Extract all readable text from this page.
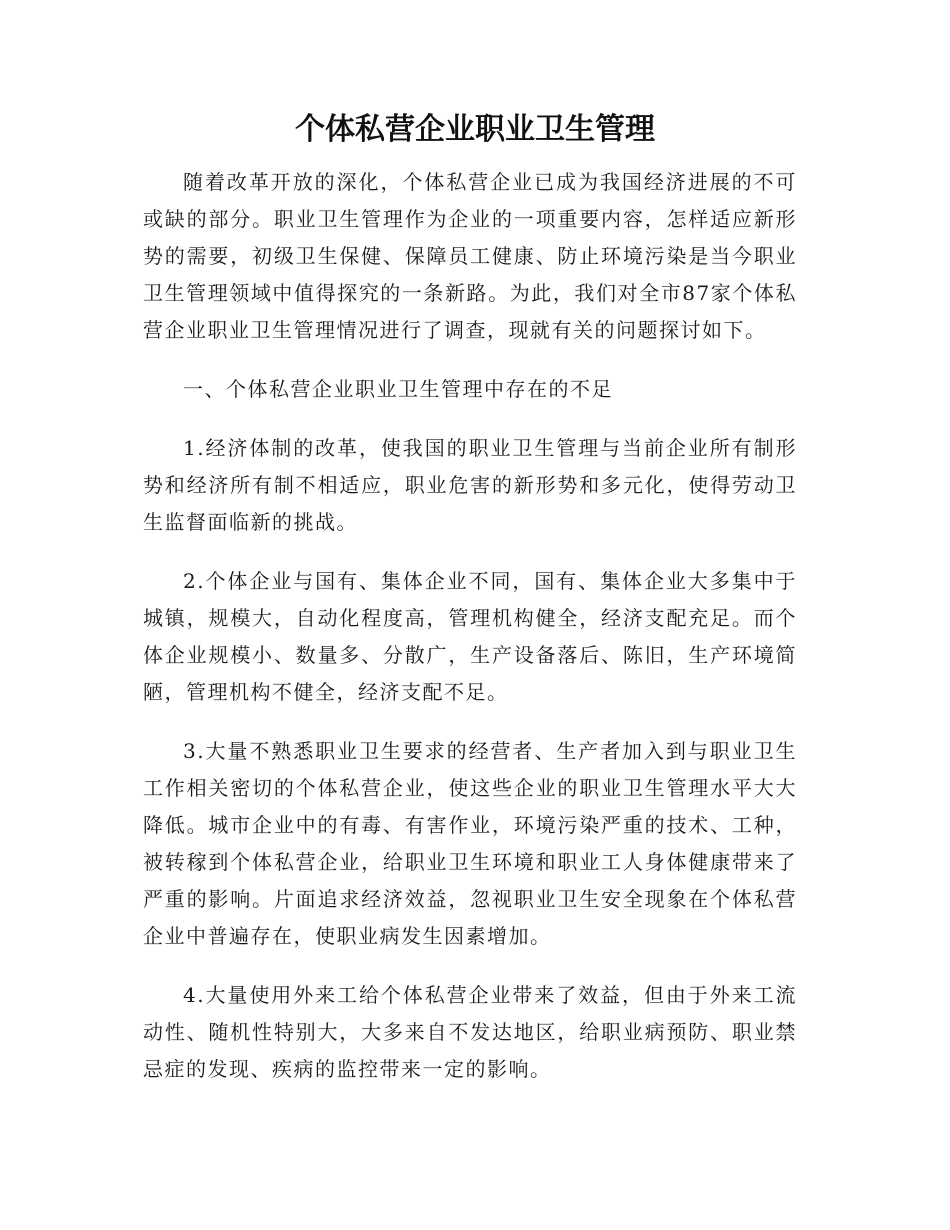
个体私营企业职业卫生管理

随着改革开放的深化，个体私营企业已成为我国经济进展的不可或缺的部分。职业卫生管理作为企业的一项重要内容，怎样适应新形势的需要，初级卫生保健、保障员工健康、防止环境污染是当今职业卫生管理领域中值得探究的一条新路。为此，我们对全市87家个体私营企业职业卫生管理情况进行了调查，现就有关的问题探讨如下。

一、个体私营企业职业卫生管理中存在的不足

1.经济体制的改革，使我国的职业卫生管理与当前企业所有制形势和经济所有制不相适应，职业危害的新形势和多元化，使得劳动卫生监督面临新的挑战。

2.个体企业与国有、集体企业不同，国有、集体企业大多集中于城镇，规模大，自动化程度高，管理机构健全，经济支配充足。而个体企业规模小、数量多、分散广，生产设备落后、陈旧，生产环境简陋，管理机构不健全，经济支配不足。

3.大量不熟悉职业卫生要求的经营者、生产者加入到与职业卫生工作相关密切的个体私营企业，使这些企业的职业卫生管理水平大大降低。城市企业中的有毒、有害作业，环境污染严重的技术、工种，被转稼到个体私营企业，给职业卫生环境和职业工人身体健康带来了严重的影响。片面追求经济效益，忽视职业卫生安全现象在个体私营企业中普遍存在，使职业病发生因素增加。

4.大量使用外来工给个体私营企业带来了效益，但由于外来工流动性、随机性特别大，大多来自不发达地区，给职业病预防、职业禁忌症的发现、疾病的监控带来一定的影响。
